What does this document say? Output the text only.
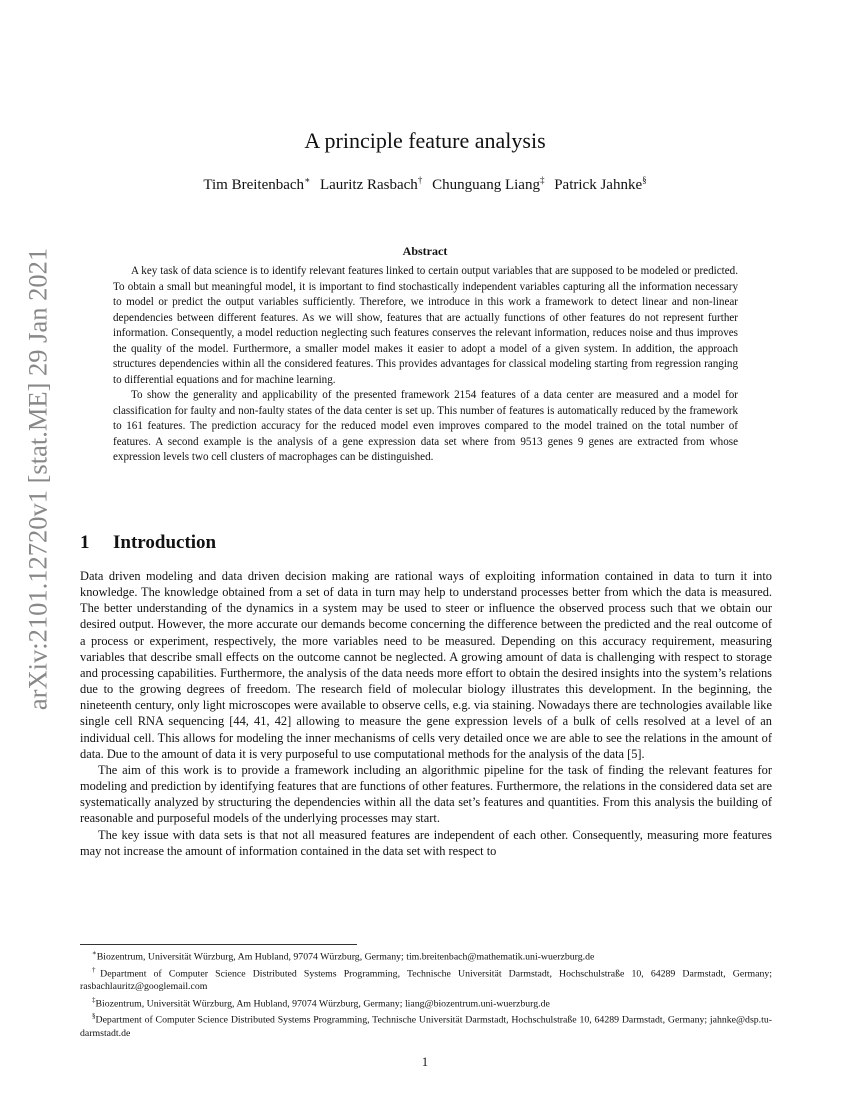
arXiv:2101.12720v1 [stat.ME] 29 Jan 2021
A principle feature analysis
Tim Breitenbach∗ Lauritz Rasbach† Chunguang Liang‡ Patrick Jahnke§
Abstract

A key task of data science is to identify relevant features linked to certain output variables that are supposed to be modeled or predicted. To obtain a small but meaningful model, it is important to find stochastically independent variables capturing all the information necessary to model or predict the output variables sufficiently. Therefore, we introduce in this work a framework to detect linear and non-linear dependencies between different features. As we will show, features that are actually functions of other features do not represent further information. Consequently, a model reduction neglecting such features conserves the relevant information, reduces noise and thus improves the quality of the model. Furthermore, a smaller model makes it easier to adopt a model of a given system. In addition, the approach structures dependencies within all the considered features. This provides advantages for classical modeling starting from regression ranging to differential equations and for machine learning.

To show the generality and applicability of the presented framework 2154 features of a data center are measured and a model for classification for faulty and non-faulty states of the data center is set up. This number of features is automatically reduced by the framework to 161 features. The prediction accuracy for the reduced model even improves compared to the model trained on the total number of features. A second example is the analysis of a gene expression data set where from 9513 genes 9 genes are extracted from whose expression levels two cell clusters of macrophages can be distinguished.

1 Introduction

Data driven modeling and data driven decision making are rational ways of exploiting information contained in data to turn it into knowledge. The knowledge obtained from a set of data in turn may help to understand processes better from which the data is measured. The better understanding of the dynamics in a system may be used to steer or influence the observed process such that we obtain our desired output. However, the more accurate our demands become concerning the difference between the predicted and the real outcome of a process or experiment, respectively, the more variables need to be measured. Depending on this accuracy requirement, measuring variables that describe small effects on the outcome cannot be neglected. A growing amount of data is challenging with respect to storage and processing capabilities. Furthermore, the analysis of the data needs more effort to obtain the desired insights into the system’s relations due to the growing degrees of freedom. The research field of molecular biology illustrates this development. In the beginning, the nineteenth century, only light microscopes were available to observe cells, e.g. via staining. Nowadays there are technologies available like single cell RNA sequencing [44, 41, 42] allowing to measure the gene expression levels of a bulk of cells resolved at a level of an individual cell. This allows for modeling the inner mechanisms of cells very detailed once we are able to see the relations in the amount of data. Due to the amount of data it is very purposeful to use computational methods for the analysis of the data [5].

The aim of this work is to provide a framework including an algorithmic pipeline for the task of finding the relevant features for modeling and prediction by identifying features that are functions of other features. Furthermore, the relations in the considered data set are systematically analyzed by structuring the dependencies within all the data set’s features and quantities. From this analysis the building of reasonable and purposeful models of the underlying processes may start.

The key issue with data sets is that not all measured features are independent of each other. Consequently, measuring more features may not increase the amount of information contained in the data set with respect to

∗Biozentrum, Universität Würzburg, Am Hubland, 97074 Würzburg, Germany; tim.breitenbach@mathematik.uni-wuerzburg.de

†Department of Computer Science Distributed Systems Programming, Technische Universität Darmstadt, Hochschulstraße 10, 64289 Darmstadt, Germany; rasbachlauritz@googlemail.com

‡Biozentrum, Universität Würzburg, Am Hubland, 97074 Würzburg, Germany; liang@biozentrum.uni-wuerzburg.de

§Department of Computer Science Distributed Systems Programming, Technische Universität Darmstadt, Hochschulstraße 10, 64289 Darmstadt, Germany; jahnke@dsp.tu-darmstadt.de

1
